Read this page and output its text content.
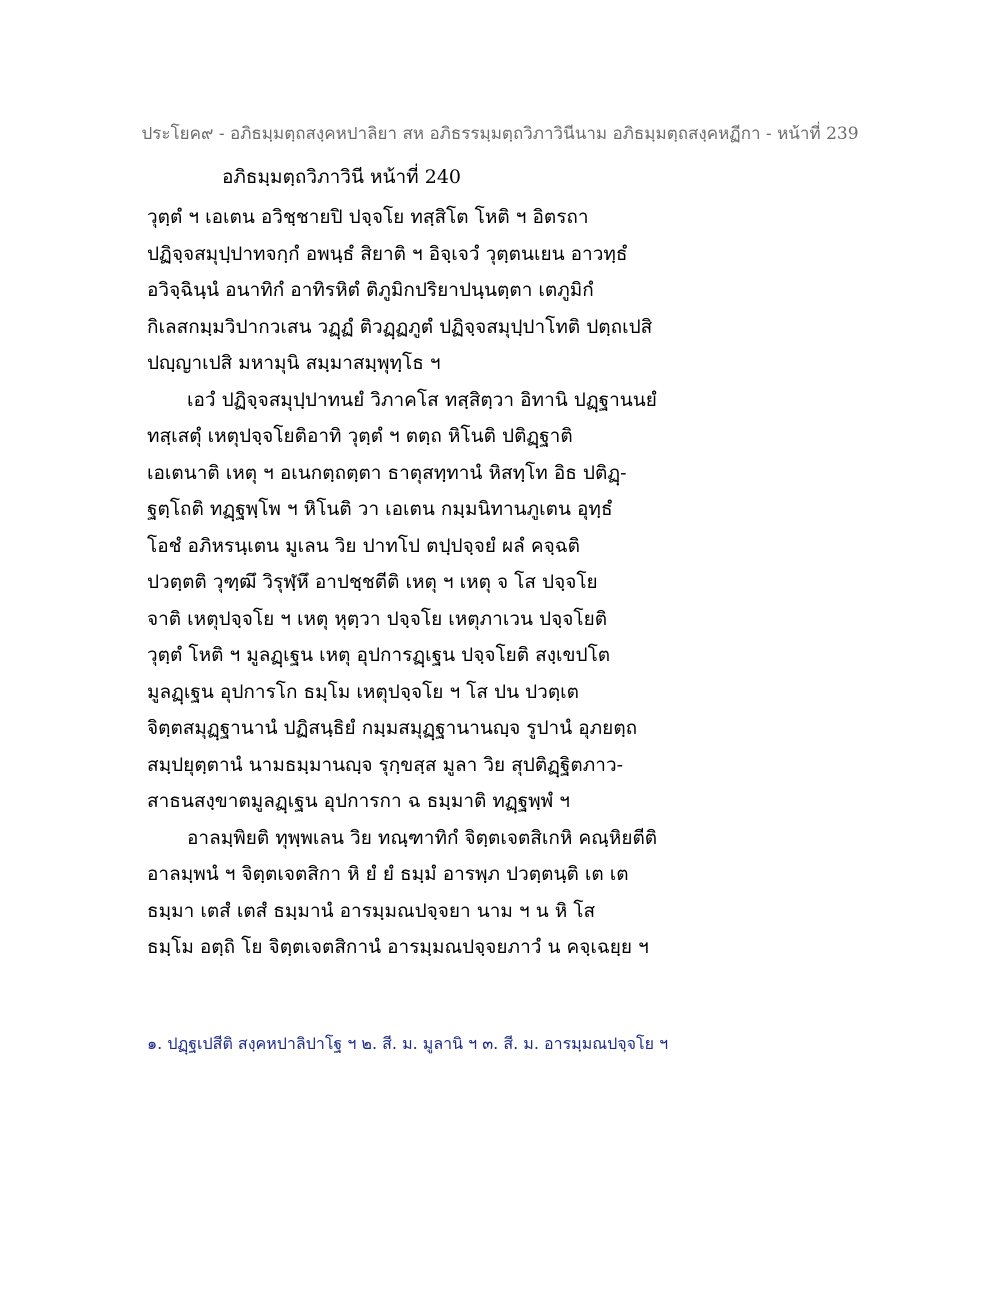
ประโยค๙ - อภิธมฺมตฺถสงฺคหปาลิยา สห อภิธรรมฺมตฺถวิภาวินีนาม อภิธมฺมตฺถสงฺคหฏีกา - หน้าที่ 239
อภิธมฺมตฺถวิภาวินี หน้าที่ 240
วุตฺตํ ฯ เอเตน อวิชฺชายปิ ปจฺจโย ทสฺสิโต โหติ ฯ อิตรถา
ปฏิจฺจสมุปฺปาทจกฺกํ อพนฺธํ สิยาติ ฯ อิจฺเจวํ วุตฺตนเยน อาวทฺธํ
อวิจฺฉินฺนํ อนาทิกํ อาทิรหิตํ ติภูมิกปริยาปนฺนตฺตา เตภูมิกํ
กิเลสกมฺมวิปากวเสน วฏฺฏํ ติวฏฺฏภูตํ ปฏิจฺจสมุปฺปาโทติ ปตฺถเปสิ
ปญฺญาเปสิ มหามุนิ สมฺมาสมฺพุทฺโธ ฯ
เอวํ ปฏิจฺจสมุปฺปาทนยํ วิภาคโส ทสฺสิตฺวา อิทานิ ปฏฺฐานนยํ
ทสฺเสตุํ เหตุปจฺจโยติอาทิ วุตฺตํ ฯ ตตฺถ หิโนติ ปติฏฺฐาติ
เอเตนาติ เหตุ ฯ อเนกตฺถตฺตา ธาตุสทฺทานํ หิสทฺโท อิธ ปติฏฺ-
ฐตฺโถติ ทฏฺฐพฺโพ ฯ หิโนติ วา เอเตน กมฺมนิทานภูเตน อุทฺธํ
โอชํ อภิหรนฺเตน มูเลน วิย ปาทโป ตปฺปจฺจยํ ผลํ คจฺฉติ
ปวตฺตติ วุฑฺฒึ วิรุฬฺหึ อาปชฺชตีติ เหตุ ฯ เหตุ จ โส ปจฺจโย
จาติ เหตุปจฺจโย ฯ เหตุ หุตฺวา ปจฺจโย เหตุภาเวน ปจฺจโยติ
วุตฺตํ โหติ ฯ มูลฏฺเฐน เหตุ อุปการฏฺเฐน ปจฺจโยติ สงฺเขปโต
มูลฏฺเฐน อุปการโก ธมฺโม เหตุปจฺจโย ฯ โส ปน ปวตฺเต
จิตฺตสมุฏฺฐานานํ ปฏิสนฺธิยํ กมฺมสมุฏฺฐานานญฺจ รูปานํ อุภยตฺถ
สมฺปยุตฺตานํ นามธมฺมานญฺจ รุกฺขสฺส มูลา วิย สุปติฏฺฐิตภาว-
สาธนสงฺขาตมูลฏฺเฐน อุปการกา ฉ ธมฺมาติ ทฏฺฐพฺพํ ฯ
อาลมฺพิยติ ทุพฺพเลน วิย ทณฺฑาทิกํ จิตฺตเจตสิเกหิ คณฺหิยตีติ
อาลมฺพนํ ฯ จิตฺตเจตสิกา หิ ยํ ยํ ธมฺมํ อารพฺภ ปวตฺตนฺติ เต เต
ธมฺมา เตสํ เตสํ ธมฺมานํ อารมฺมณปจฺจยา นาม ฯ น หิ โส
ธมฺโม อตฺถิ โย จิตฺตเจตสิกานํ อารมฺมณปจฺจยภาวํ น คจฺเฉยฺย ฯ
๑. ปฏฺฐเปสีติ สงฺคหปาลิปาโฐ ฯ ๒. สี. ม. มูลานิ ฯ ๓. สี. ม. อารมฺมณปจฺจโย ฯ
